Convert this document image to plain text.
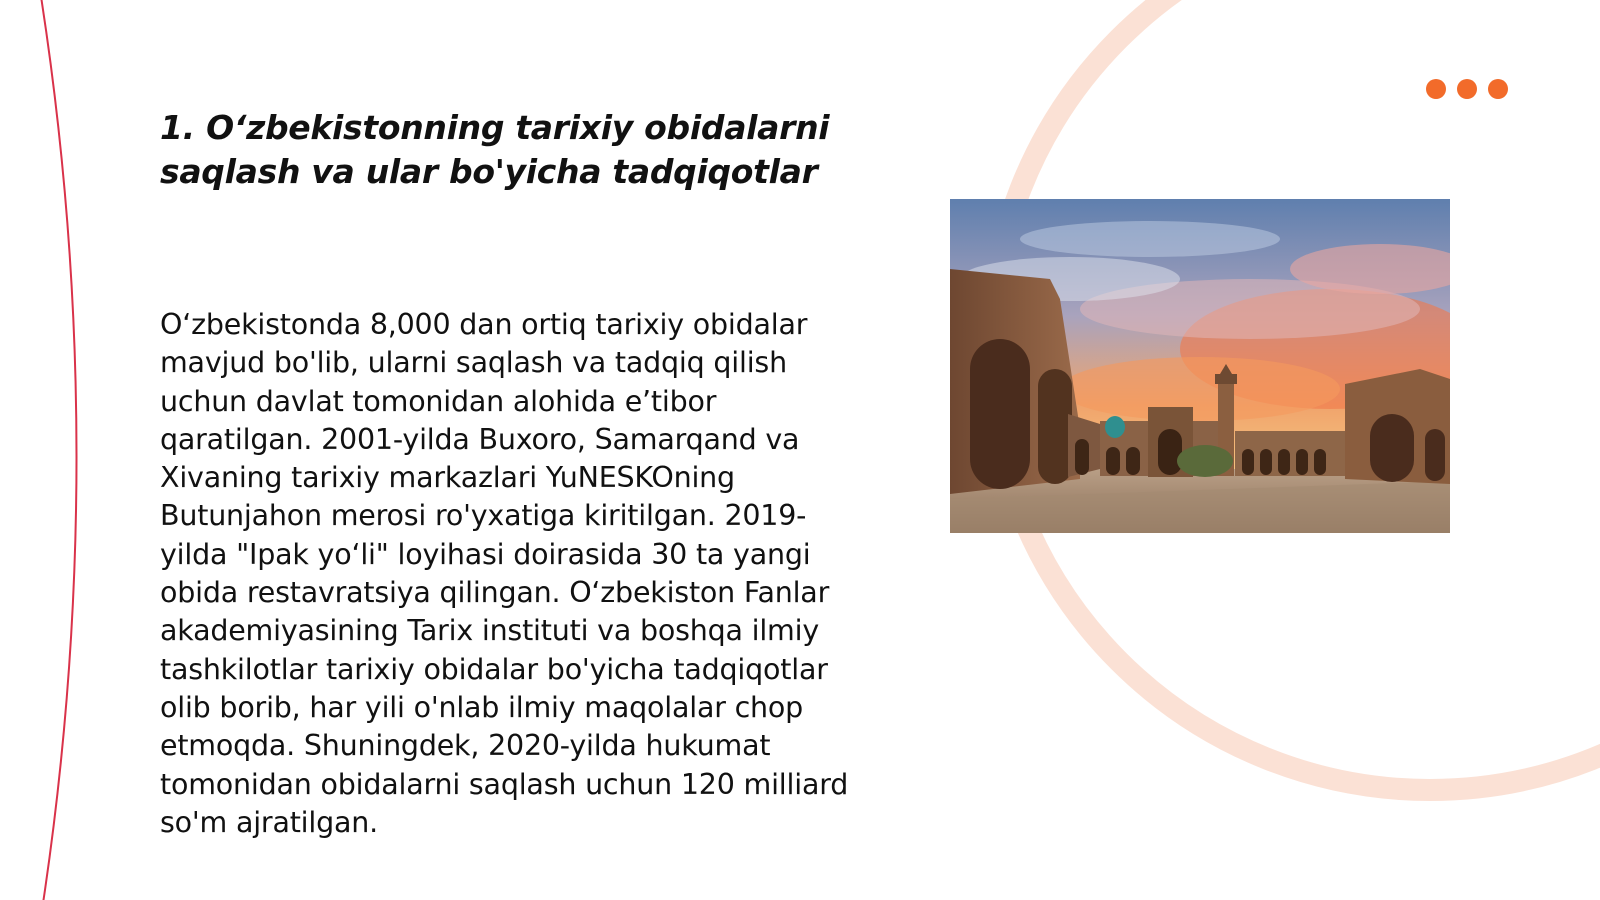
1. O‘zbekistonning tarixiy obidalarni saqlash va ular bo'yicha tadqiqotlar

O‘zbekistonda 8,000 dan ortiq tarixiy obidalar mavjud bo'lib, ularni saqlash va tadqiq qilish uchun davlat tomonidan alohida e’tibor qaratilgan. 2001-yilda Buxoro, Samarqand va Xivaning tarixiy markazlari YuNESKOning Butunjahon merosi ro'yxatiga kiritilgan. 2019-yilda "Ipak yo‘li" loyihasi doirasida 30 ta yangi obida restavratsiya qilingan. O‘zbekiston Fanlar akademiyasining Tarix instituti va boshqa ilmiy tashkilotlar tarixiy obidalar bo'yicha tadqiqotlar olib borib, har yili o'nlab ilmiy maqolalar chop etmoqda. Shuningdek, 2020-yilda hukumat tomonidan obidalarni saqlash uchun 120 milliard so'm ajratilgan.
